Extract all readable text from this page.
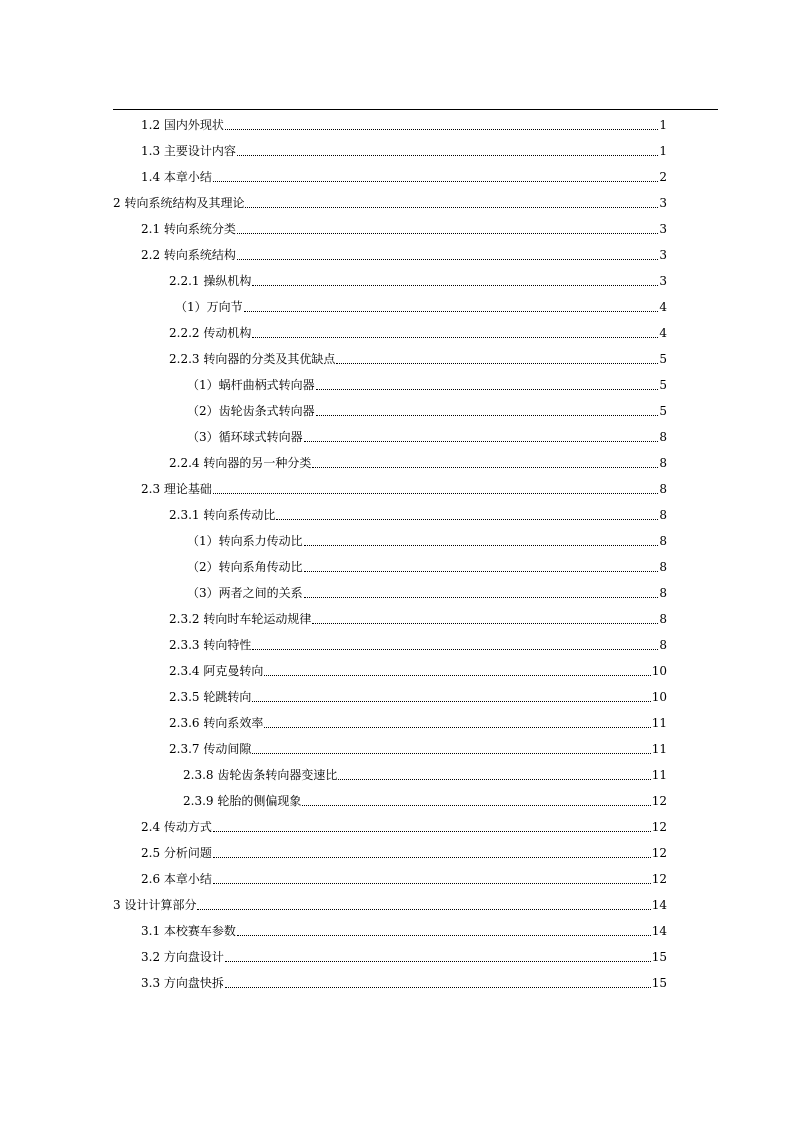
1.2 国内外现状	1
1.3 主要设计内容	1
1.4 本章小结	2
2 转向系统结构及其理论	3
2.1 转向系统分类	3
2.2 转向系统结构	3
2.2.1 操纵机构	3
（1）万向节	4
2.2.2 传动机构	4
2.2.3 转向器的分类及其优缺点	5
（1）蜗杆曲柄式转向器	5
（2）齿轮齿条式转向器	5
（3）循环球式转向器	8
2.2.4 转向器的另一种分类	8
2.3 理论基础	8
2.3.1 转向系传动比	8
（1）转向系力传动比	8
（2）转向系角传动比	8
（3）两者之间的关系	8
2.3.2 转向时车轮运动规律	8
2.3.3 转向特性	8
2.3.4 阿克曼转向	10
2.3.5 轮跳转向	10
2.3.6 转向系效率	11
2.3.7 传动间隙	11
2.3.8 齿轮齿条转向器变速比	11
2.3.9 轮胎的侧偏现象	12
2.4 传动方式	12
2.5 分析问题	12
2.6 本章小结	12
3 设计计算部分	14
3.1 本校赛车参数	14
3.2 方向盘设计	15
3.3 方向盘快拆	15
